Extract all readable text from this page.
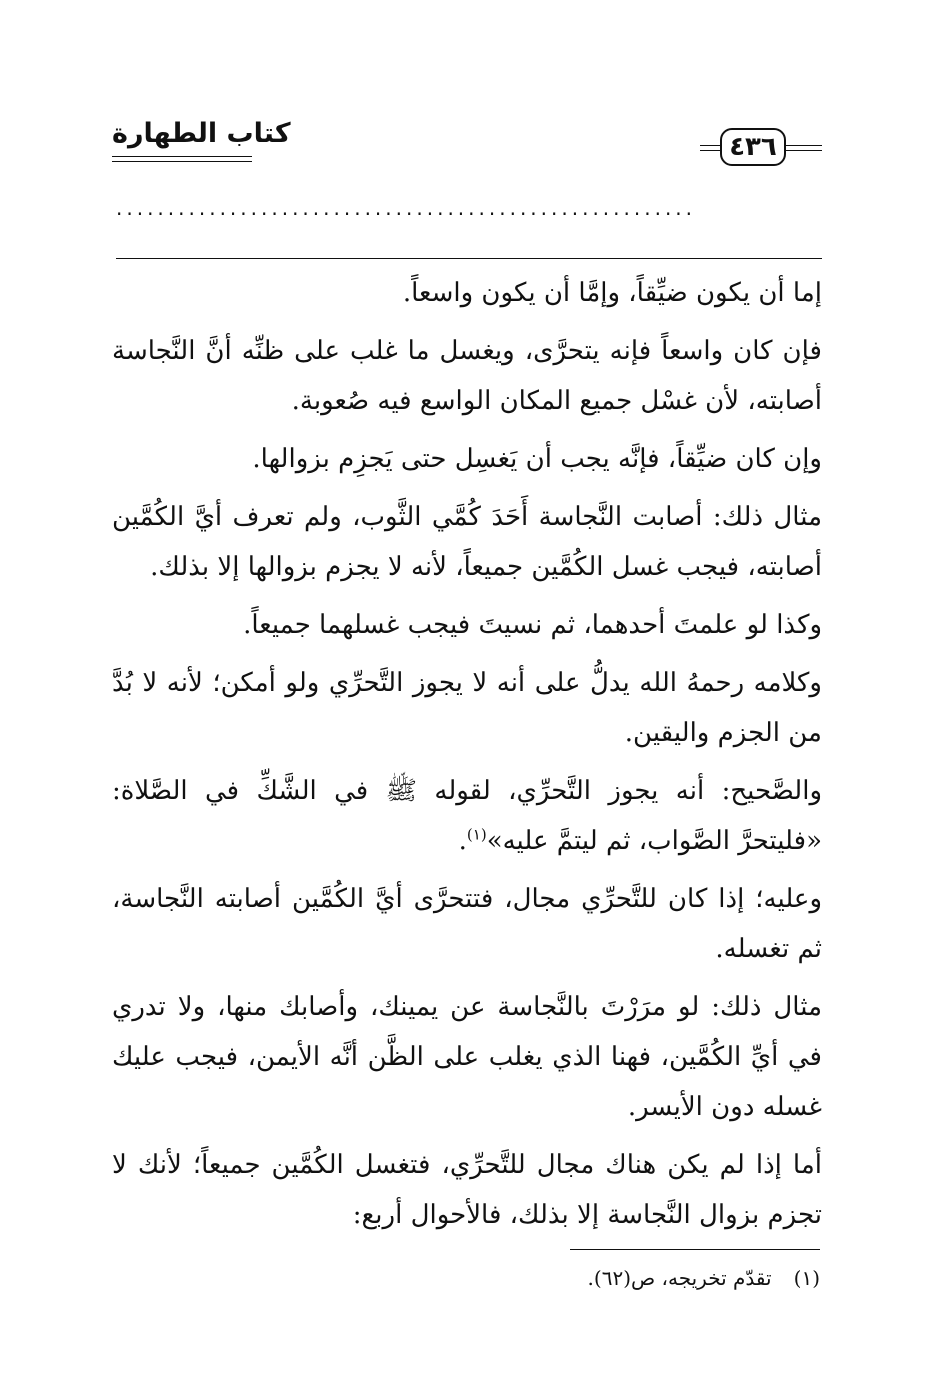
كتاب الطهارة	٤٣٦
........................................................

إما أن يكون ضيِّقاً، وإمَّا أن يكون واسعاً.

فإن كان واسعاً فإنه يتحرَّى، ويغسل ما غلب على ظنِّه أنَّ النَّجاسة أصابته، لأن غسْل جميع المكان الواسع فيه صُعوبة.

وإن كان ضيِّقاً، فإنَّه يجب أن يَغسِل حتى يَجزِم بزوالها.

مثال ذلك: أصابت النَّجاسة أَحَدَ كُمَّي الثَّوب، ولم تعرف أيَّ الكُمَّين أصابته، فيجب غسل الكُمَّين جميعاً، لأنه لا يجزم بزوالها إلا بذلك.

وكذا لو علمتَ أحدهما، ثم نسيتَ فيجب غسلهما جميعاً.

وكلامه رحمهُ الله يدلُّ على أنه لا يجوز التَّحرِّي ولو أمكن؛ لأنه لا بُدَّ من الجزم واليقين.

والصَّحيح: أنه يجوز التَّحرِّي، لقوله ﷺ في الشَّكِّ في الصَّلاة: «فليتحرَّ الصَّواب، ثم ليتمَّ عليه»$^{(١)}$.

وعليه؛ إذا كان للتَّحرِّي مجال، فتتحرَّى أيَّ الكُمَّين أصابته النَّجاسة، ثم تغسله.

مثال ذلك: لو مرَرْتَ بالنَّجاسة عن يمينك، وأصابك منها، ولا تدري في أيِّ الكُمَّين، فهنا الذي يغلب على الظَّن أنَّه الأيمن، فيجب عليك غسله دون الأيسر.

أما إذا لم يكن هناك مجال للتَّحرِّي، فتغسل الكُمَّين جميعاً؛ لأنك لا تجزم بزوال النَّجاسة إلا بذلك، فالأحوال أربع:

(١)تقدّم تخريجه، ص(٦٢).
